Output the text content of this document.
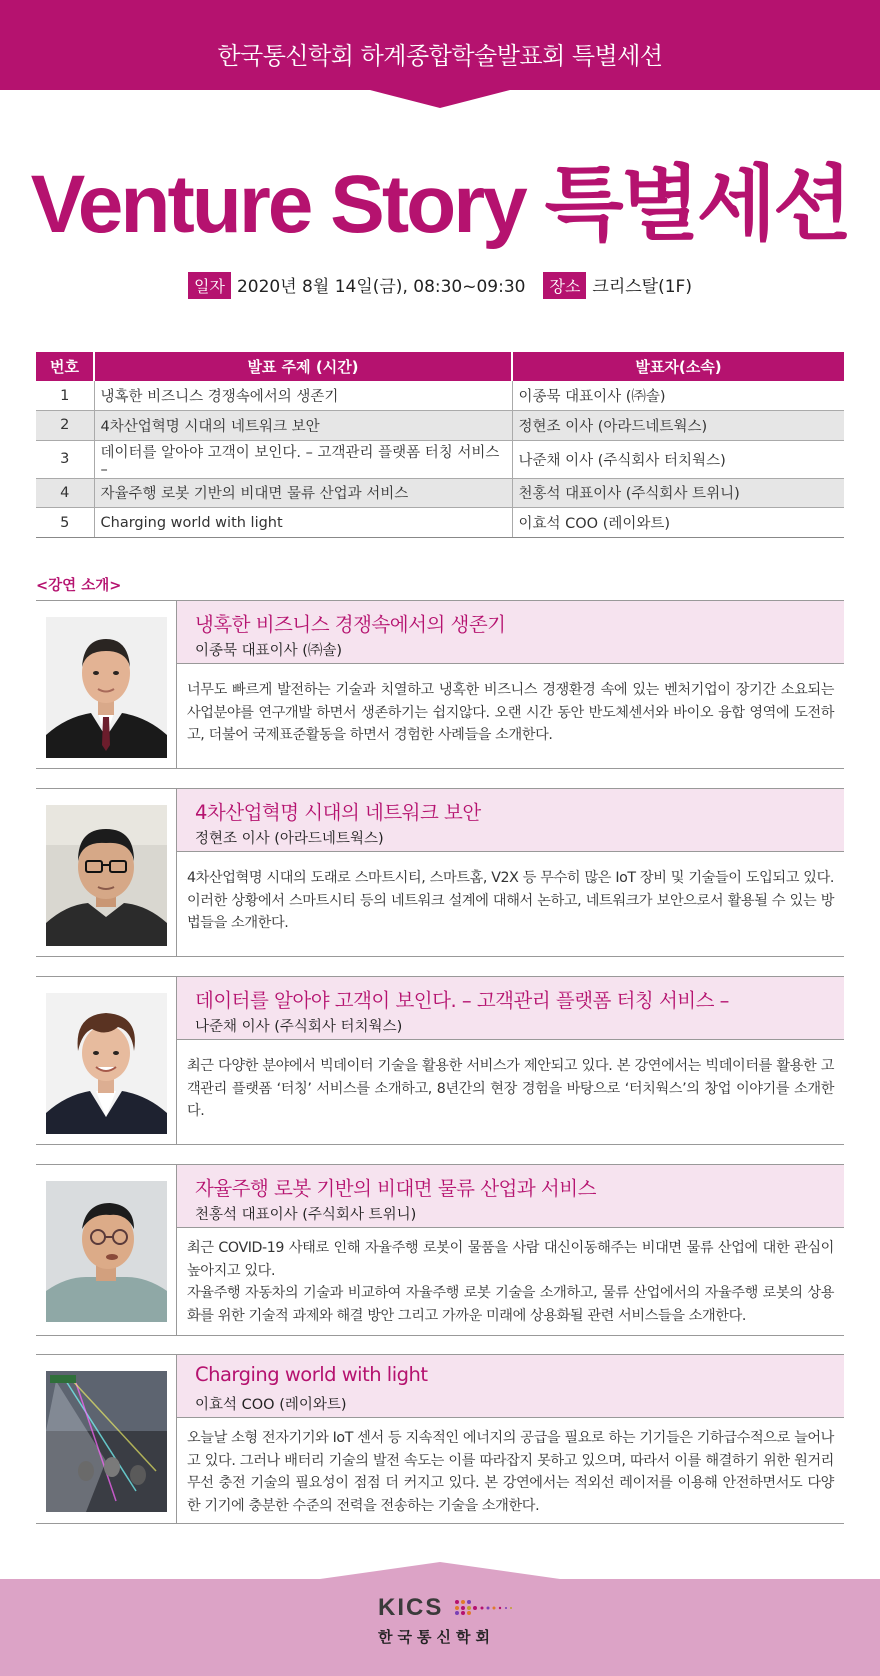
한국통신학회 하계종합학술발표회 특별세션
Venture Story 특별세션
일자 2020년 8월 14일(금), 08:30~09:30 장소 크리스탈(1F)
번호	발표 주제 (시간)	발표자(소속)
1	냉혹한 비즈니스 경쟁속에서의 생존기	이종묵 대표이사 (㈜솔)
2	4차산업혁명 시대의 네트워크 보안	정현조 이사 (아라드네트웍스)
3	데이터를 알아야 고객이 보인다. – 고객관리 플랫폼 터칭 서비스 –	나준채 이사 (주식회사 터치웍스)
4	자율주행 로봇 기반의 비대면 물류 산업과 서비스	천홍석 대표이사 (주식회사 트위니)
5	Charging world with light	이효석 COO (레이와트)
<강연 소개>
냉혹한 비즈니스 경쟁속에서의 생존기
이종묵 대표이사 (㈜솔)
너무도 빠르게 발전하는 기술과 치열하고 냉혹한 비즈니스 경쟁환경 속에 있는 벤처기업이 장기간 소요되는 사업분야를 연구개발 하면서 생존하기는 쉽지않다. 오랜 시간 동안 반도체센서와 바이오 융합 영역에 도전하고, 더불어 국제표준활동을 하면서 경험한 사례들을 소개한다.
4차산업혁명 시대의 네트워크 보안
정현조 이사 (아라드네트웍스)
4차산업혁명 시대의 도래로 스마트시티, 스마트홈, V2X 등 무수히 많은 IoT 장비 및 기술들이 도입되고 있다. 이러한 상황에서 스마트시티 등의 네트워크 설계에 대해서 논하고, 네트워크가 보안으로서 활용될 수 있는 방법들을 소개한다.
데이터를 알아야 고객이 보인다. – 고객관리 플랫폼 터칭 서비스 –
나준채 이사 (주식회사 터치웍스)
최근 다양한 분야에서 빅데이터 기술을 활용한 서비스가 제안되고 있다. 본 강연에서는 빅데이터를 활용한 고객관리 플랫폼 ‘터칭’ 서비스를 소개하고, 8년간의 현장 경험을 바탕으로 ‘터치웍스’의 창업 이야기를 소개한다.
자율주행 로봇 기반의 비대면 물류 산업과 서비스
천홍석 대표이사 (주식회사 트위니)
최근 COVID-19 사태로 인해 자율주행 로봇이 물품을 사람 대신이동해주는 비대면 물류 산업에 대한 관심이 높아지고 있다.
자율주행 자동차의 기술과 비교하여 자율주행 로봇 기술을 소개하고, 물류 산업에서의 자율주행 로봇의 상용화를 위한 기술적 과제와 해결 방안 그리고 가까운 미래에 상용화될 관련 서비스들을 소개한다.
Charging world with light
이효석 COO (레이와트)
오늘날 소형 전자기기와 IoT 센서 등 지속적인 에너지의 공급을 필요로 하는 기기들은 기하급수적으로 늘어나고 있다. 그러나 배터리 기술의 발전 속도는 이를 따라잡지 못하고 있으며, 따라서 이를 해결하기 위한 원거리 무선 충전 기술의 필요성이 점점 더 커지고 있다. 본 강연에서는 적외선 레이저를 이용해 안전하면서도 다양한 기기에 충분한 수준의 전력을 전송하는 기술을 소개한다.
KICS
한국통신학회
